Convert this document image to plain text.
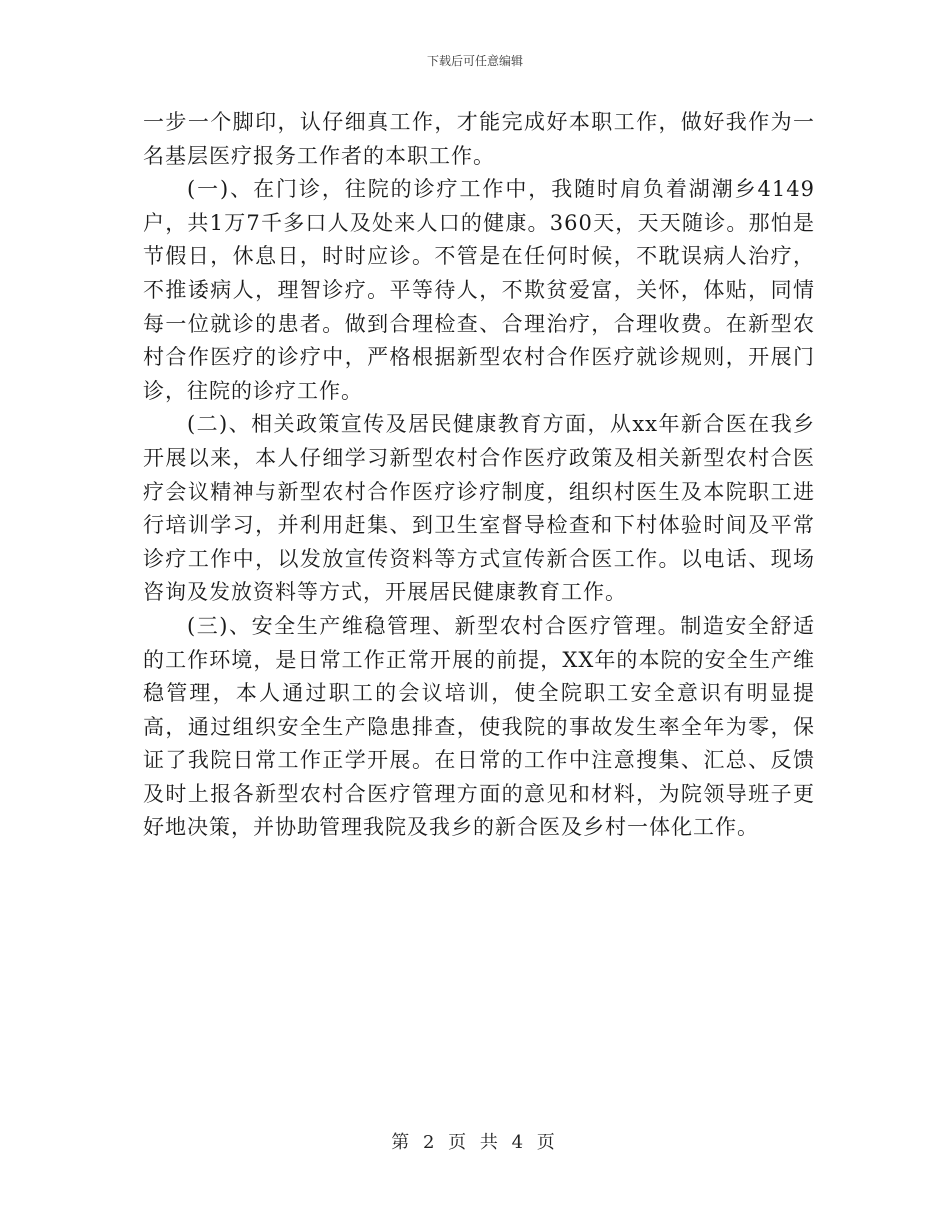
下载后可任意编辑

一步一个脚印，认仔细真工作，才能完成好本职工作，做好我作为一名基层医疗报务工作者的本职工作。

(一)、在门诊，往院的诊疗工作中，我随时肩负着湖潮乡4149户，共1万7千多口人及处来人口的健康。360天，天天随诊。那怕是节假日，休息日，时时应诊。不管是在任何时候，不耽误病人治疗，不推诿病人，理智诊疗。平等待人，不欺贫爱富，关怀，体贴，同情每一位就诊的患者。做到合理检查、合理治疗，合理收费。在新型农村合作医疗的诊疗中，严格根据新型农村合作医疗就诊规则，开展门诊，往院的诊疗工作。

(二)、相关政策宣传及居民健康教育方面，从xx年新合医在我乡开展以来，本人仔细学习新型农村合作医疗政策及相关新型农村合医疗会议精神与新型农村合作医疗诊疗制度，组织村医生及本院职工进行培训学习，并利用赶集、到卫生室督导检查和下村体验时间及平常诊疗工作中，以发放宣传资料等方式宣传新合医工作。以电话、现场咨询及发放资料等方式，开展居民健康教育工作。

(三)、安全生产维稳管理、新型农村合医疗管理。制造安全舒适的工作环境，是日常工作正常开展的前提，XX年的本院的安全生产维稳管理，本人通过职工的会议培训，使全院职工安全意识有明显提高，通过组织安全生产隐患排查，使我院的事故发生率全年为零，保证了我院日常工作正学开展。在日常的工作中注意搜集、汇总、反馈及时上报各新型农村合医疗管理方面的意见和材料，为院领导班子更好地决策，并协助管理我院及我乡的新合医及乡村一体化工作。

第 2 页 共 4 页
